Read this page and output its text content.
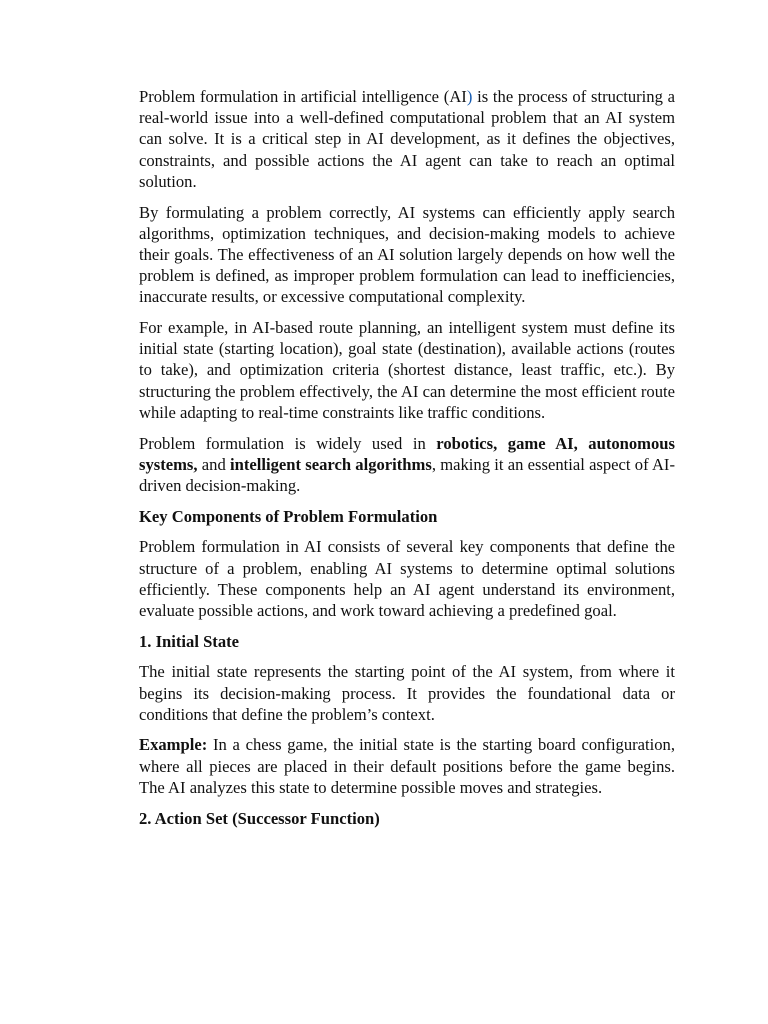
Problem formulation in artificial intelligence (AI) is the process of structuring a real-world issue into a well-defined computational problem that an AI system can solve. It is a critical step in AI development, as it defines the objectives, constraints, and possible actions the AI agent can take to reach an optimal solution.

By formulating a problem correctly, AI systems can efficiently apply search algorithms, optimization techniques, and decision-making models to achieve their goals. The effectiveness of an AI solution largely depends on how well the problem is defined, as improper problem formulation can lead to inefficiencies, inaccurate results, or excessive computational complexity.

For example, in AI-based route planning, an intelligent system must define its initial state (starting location), goal state (destination), available actions (routes to take), and optimization criteria (shortest distance, least traffic, etc.). By structuring the problem effectively, the AI can determine the most efficient route while adapting to real-time constraints like traffic conditions.

Problem formulation is widely used in robotics, game AI, autonomous systems, and intelligent search algorithms, making it an essential aspect of AI-driven decision-making.

Key Components of Problem Formulation

Problem formulation in AI consists of several key components that define the structure of a problem, enabling AI systems to determine optimal solutions efficiently. These components help an AI agent understand its environment, evaluate possible actions, and work toward achieving a predefined goal.

1. Initial State

The initial state represents the starting point of the AI system, from where it begins its decision-making process. It provides the foundational data or conditions that define the problem’s context.

Example: In a chess game, the initial state is the starting board configuration, where all pieces are placed in their default positions before the game begins. The AI analyzes this state to determine possible moves and strategies.

2. Action Set (Successor Function)
